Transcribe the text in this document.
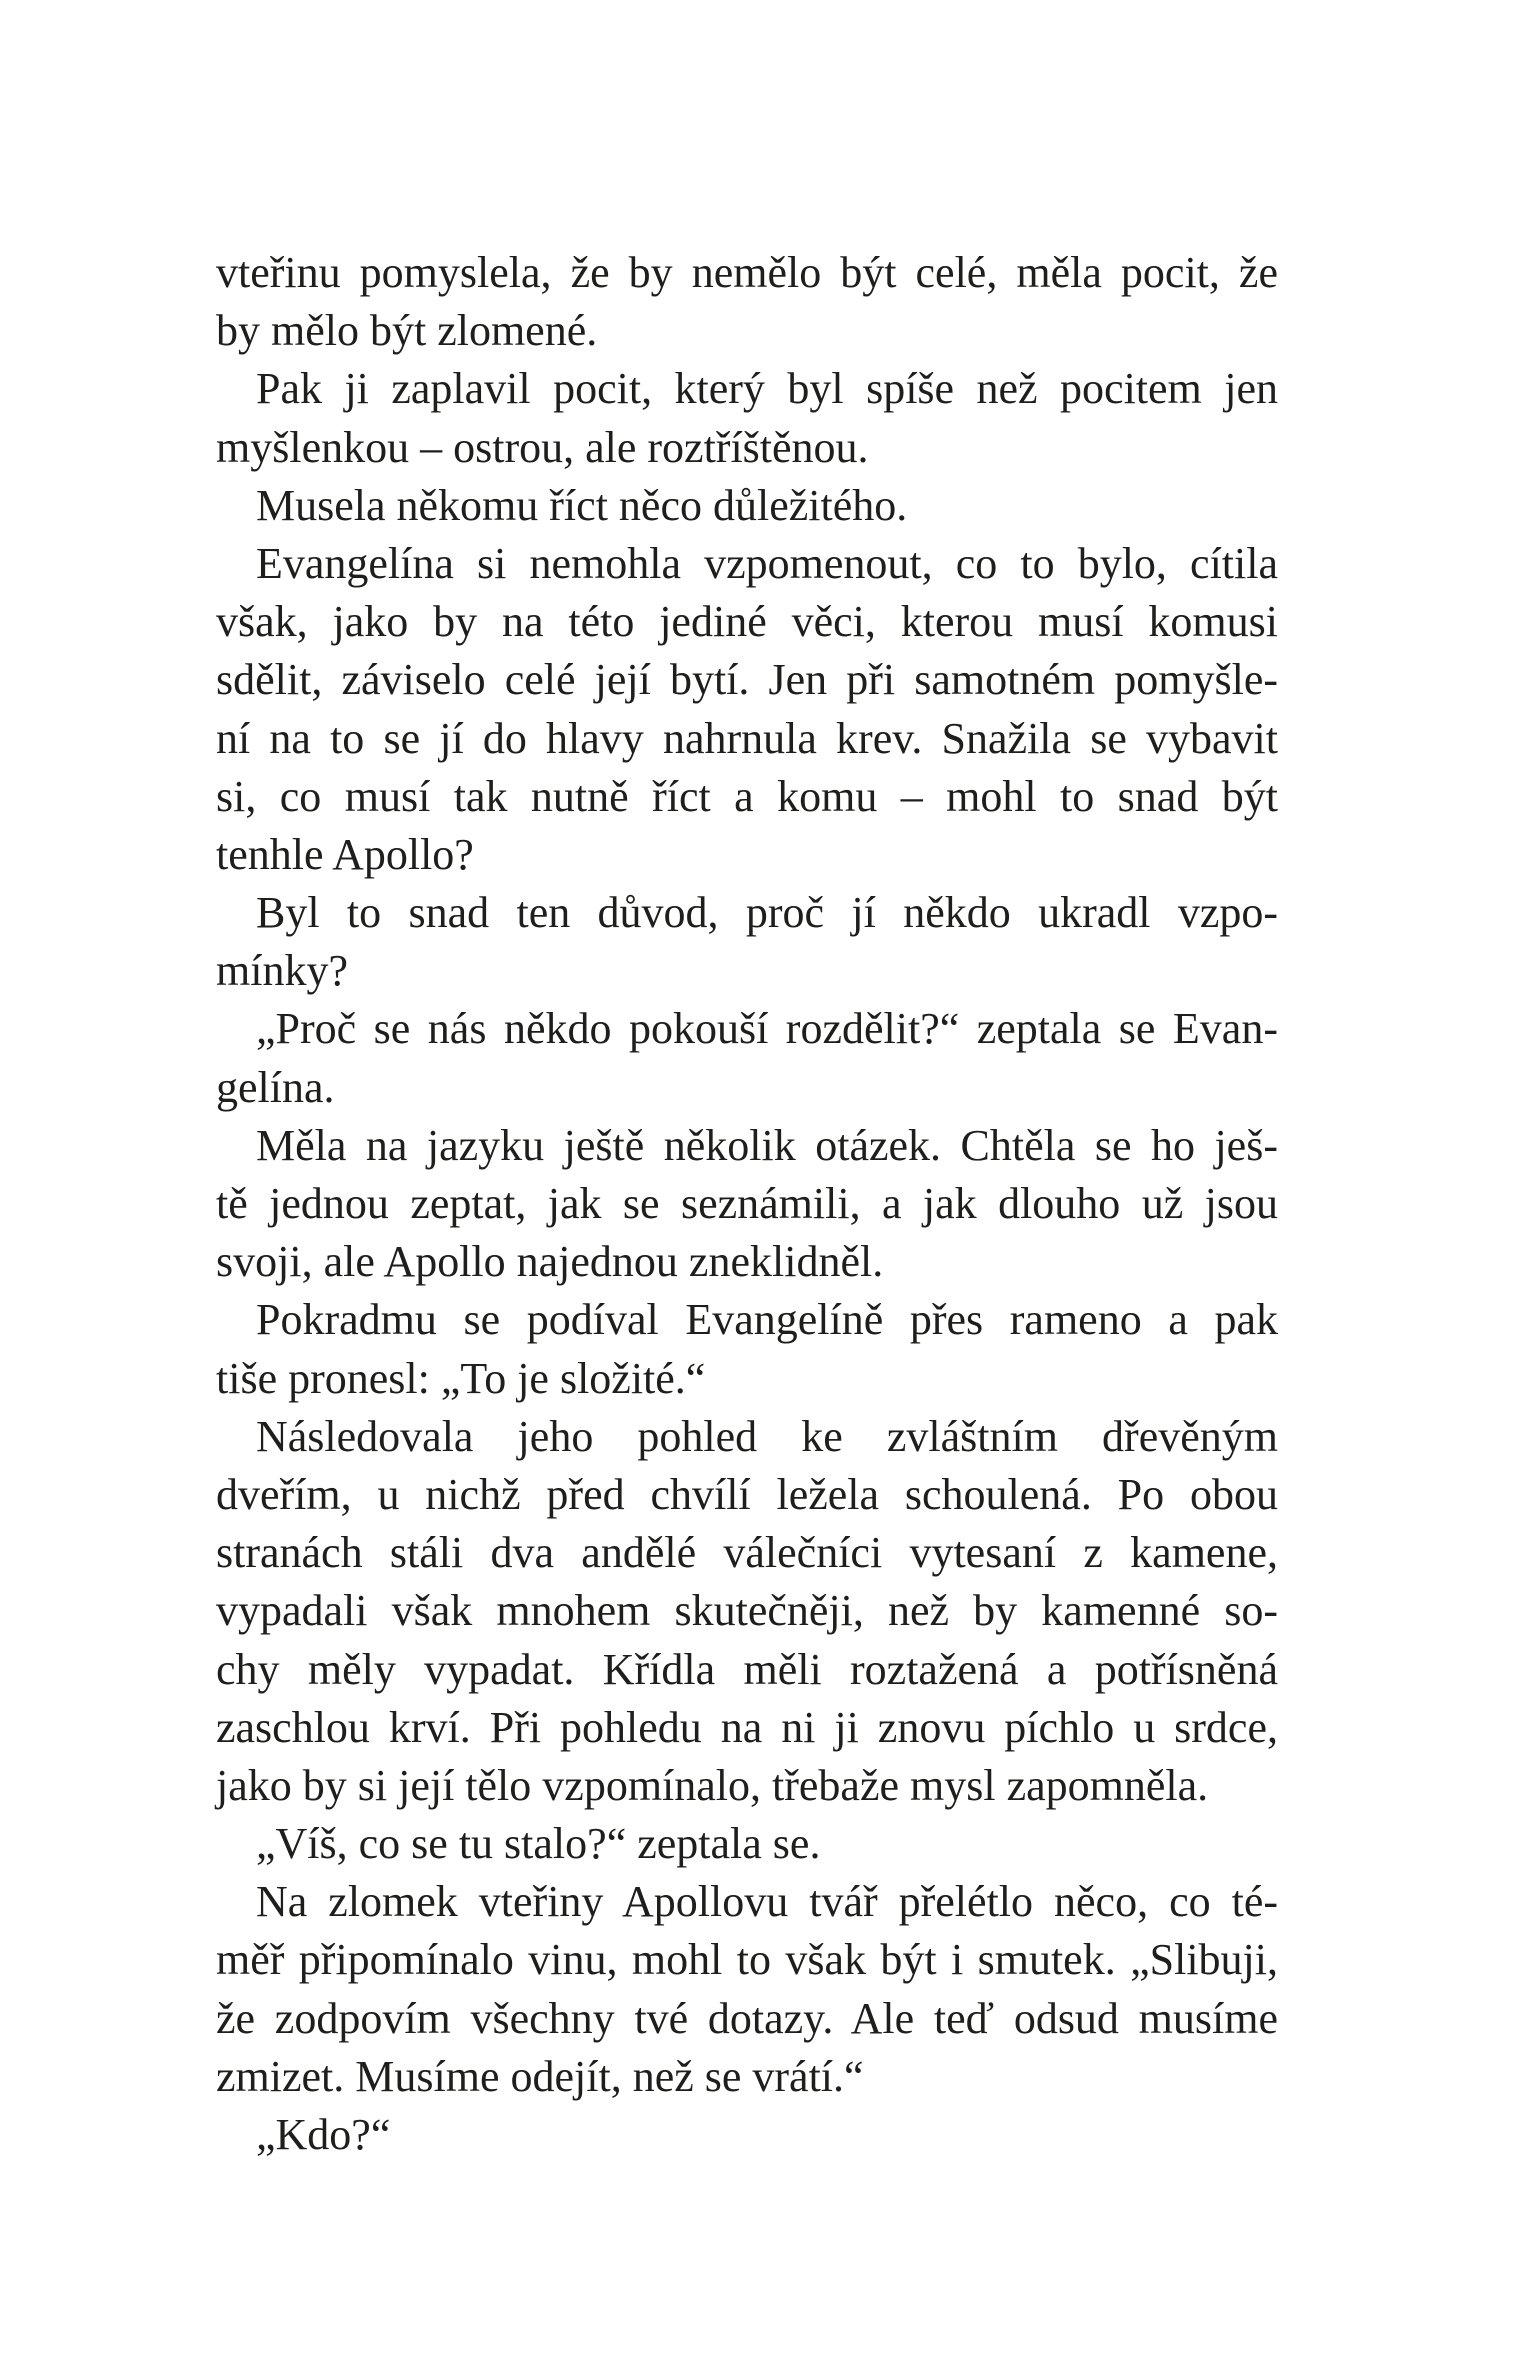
vteřinu pomyslela, že by nemělo být celé, měla pocit, že
by mělo být zlomené.
Pak ji zaplavil pocit, který byl spíše než pocitem jen
myšlenkou – ostrou, ale roztříštěnou.
Musela někomu říct něco důležitého.
Evangelína si nemohla vzpomenout, co to bylo, cítila
však, jako by na této jediné věci, kterou musí komusi
sdělit, záviselo celé její bytí. Jen při samotném pomyšle-
ní na to se jí do hlavy nahrnula krev. Snažila se vybavit
si, co musí tak nutně říct a komu – mohl to snad být
tenhle Apollo?
Byl to snad ten důvod, proč jí někdo ukradl vzpo-
mínky?
„Proč se nás někdo pokouší rozdělit?“ zeptala se Evan-
gelína.
Měla na jazyku ještě několik otázek. Chtěla se ho ješ-
tě jednou zeptat, jak se seznámili, a jak dlouho už jsou
svoji, ale Apollo najednou zneklidněl.
Pokradmu se podíval Evangelíně přes rameno a pak
tiše pronesl: „To je složité.“
Následovala jeho pohled ke zvláštním dřevěným
dveřím, u nichž před chvílí ležela schoulená. Po obou
stranách stáli dva andělé válečníci vytesaní z kamene,
vypadali však mnohem skutečněji, než by kamenné so-
chy měly vypadat. Křídla měli roztažená a potřísněná
zaschlou krví. Při pohledu na ni ji znovu píchlo u srdce,
jako by si její tělo vzpomínalo, třebaže mysl zapomněla.
„Víš, co se tu stalo?“ zeptala se.
Na zlomek vteřiny Apollovu tvář přelétlo něco, co té-
měř připomínalo vinu, mohl to však být i smutek. „Slibuji,
že zodpovím všechny tvé dotazy. Ale teď odsud musíme
zmizet. Musíme odejít, než se vrátí.“
„Kdo?“
